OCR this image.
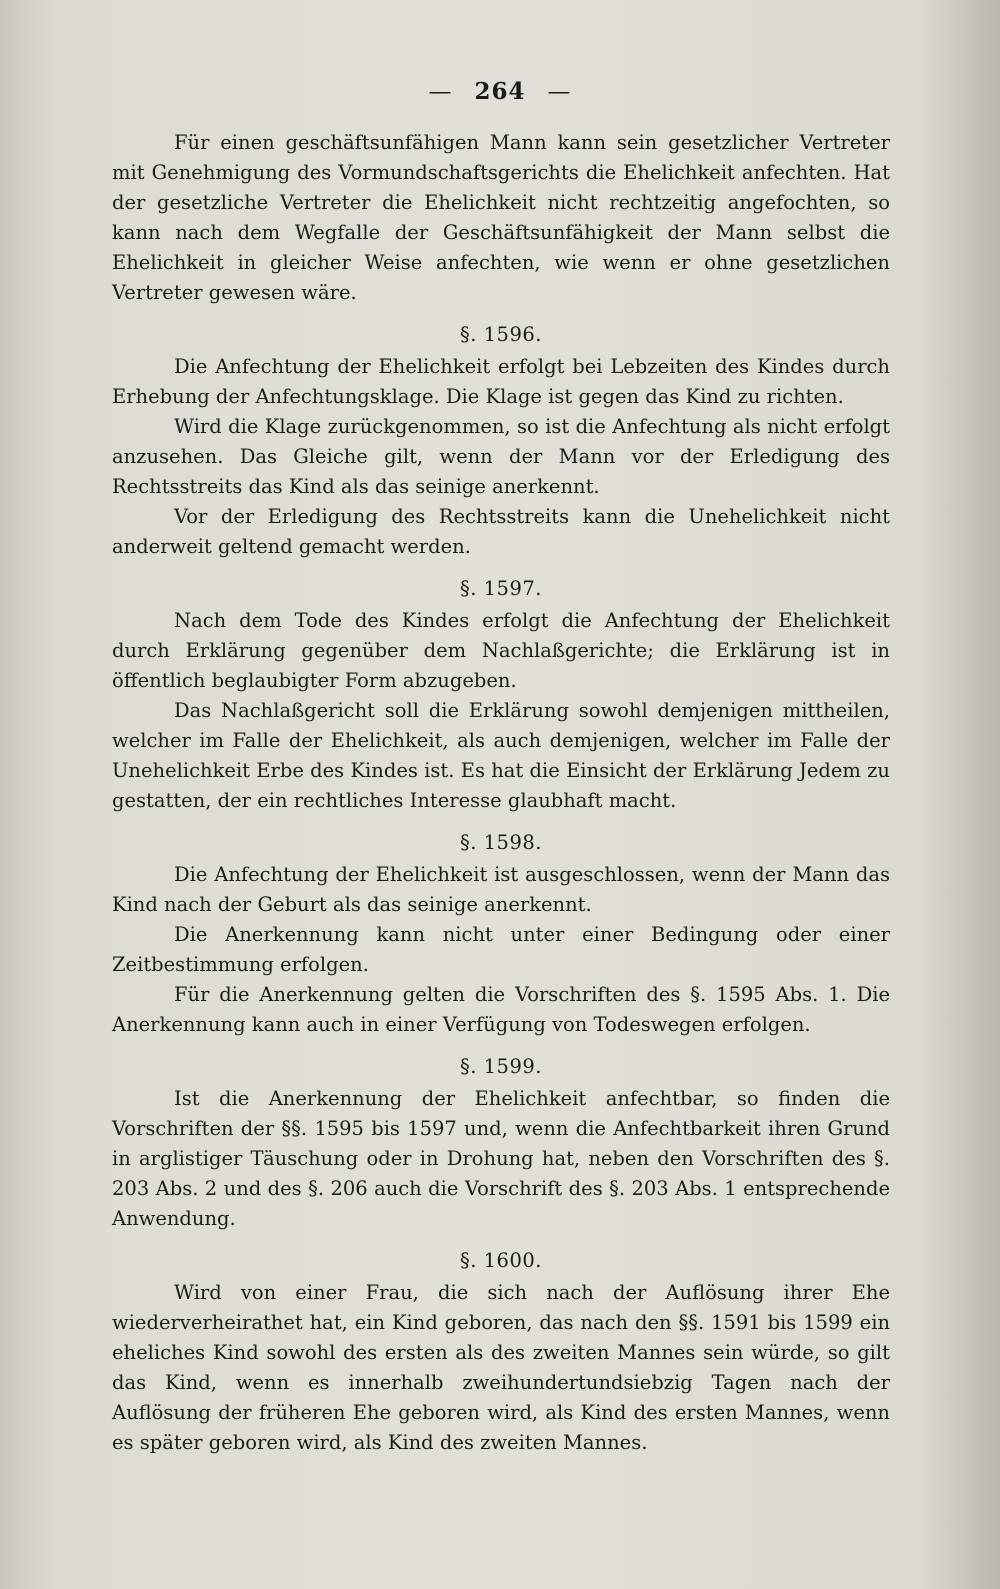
— 264 —

Für einen geschäftsunfähigen Mann kann sein gesetzlicher Vertreter mit Genehmigung des Vormundschaftsgerichts die Ehelichkeit anfechten. Hat der gesetzliche Vertreter die Ehelichkeit nicht rechtzeitig angefochten, so kann nach dem Wegfalle der Geschäftsunfähigkeit der Mann selbst die Ehelichkeit in gleicher Weise anfechten, wie wenn er ohne gesetzlichen Vertreter gewesen wäre.

§. 1596.

Die Anfechtung der Ehelichkeit erfolgt bei Lebzeiten des Kindes durch Erhebung der Anfechtungsklage. Die Klage ist gegen das Kind zu richten.

Wird die Klage zurückgenommen, so ist die Anfechtung als nicht erfolgt anzusehen. Das Gleiche gilt, wenn der Mann vor der Erledigung des Rechtsstreits das Kind als das seinige anerkennt.

Vor der Erledigung des Rechtsstreits kann die Unehelichkeit nicht anderweit geltend gemacht werden.

§. 1597.

Nach dem Tode des Kindes erfolgt die Anfechtung der Ehelichkeit durch Erklärung gegenüber dem Nachlaßgerichte; die Erklärung ist in öffentlich beglaubigter Form abzugeben.

Das Nachlaßgericht soll die Erklärung sowohl demjenigen mittheilen, welcher im Falle der Ehelichkeit, als auch demjenigen, welcher im Falle der Unehelichkeit Erbe des Kindes ist. Es hat die Einsicht der Erklärung Jedem zu gestatten, der ein rechtliches Interesse glaubhaft macht.

§. 1598.

Die Anfechtung der Ehelichkeit ist ausgeschlossen, wenn der Mann das Kind nach der Geburt als das seinige anerkennt.

Die Anerkennung kann nicht unter einer Bedingung oder einer Zeitbestimmung erfolgen.

Für die Anerkennung gelten die Vorschriften des §. 1595 Abs. 1. Die Anerkennung kann auch in einer Verfügung von Todeswegen erfolgen.

§. 1599.

Ist die Anerkennung der Ehelichkeit anfechtbar, so finden die Vorschriften der §§. 1595 bis 1597 und, wenn die Anfechtbarkeit ihren Grund in arglistiger Täuschung oder in Drohung hat, neben den Vorschriften des §. 203 Abs. 2 und des §. 206 auch die Vorschrift des §. 203 Abs. 1 entsprechende Anwendung.

§. 1600.

Wird von einer Frau, die sich nach der Auflösung ihrer Ehe wiederverheirathet hat, ein Kind geboren, das nach den §§. 1591 bis 1599 ein eheliches Kind sowohl des ersten als des zweiten Mannes sein würde, so gilt das Kind, wenn es innerhalb zweihundertundsiebzig Tagen nach der Auflösung der früheren Ehe geboren wird, als Kind des ersten Mannes, wenn es später geboren wird, als Kind des zweiten Mannes.
